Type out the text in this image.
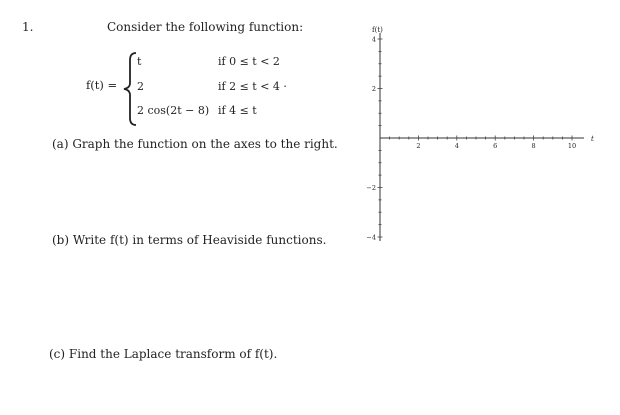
1.	Consider the following function:
f(t) =
t	if 0 ≤ t < 2
2	if 2 ≤ t < 4 ·
2 cos(2t − 8) if 4 ≤ t
(a) Graph the function on the axes to the right.
(b) Write f(t) in terms of Heaviside functions.
(c) Find the Laplace transform of f(t).
f(t)
t
2	4	6	8	10
4
2
−2
−4
